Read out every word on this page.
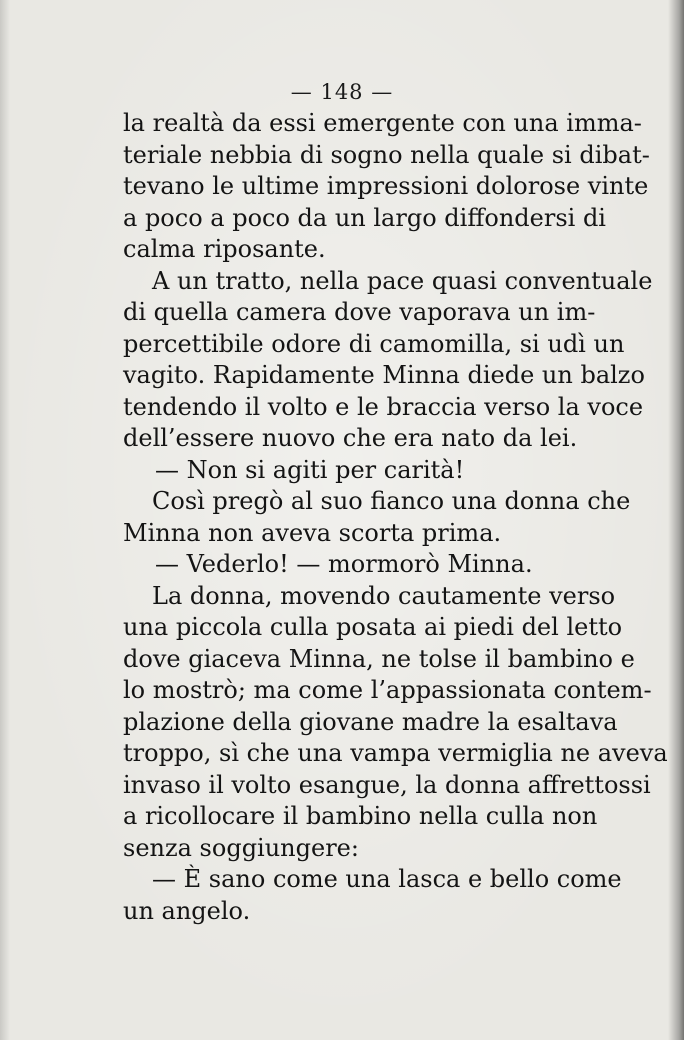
— 148 —
la realtà da essi emergente con una imma-
teriale nebbia di sogno nella quale si dibat-
tevano le ultime impressioni dolorose vinte
a poco a poco da un largo diffondersi di
calma riposante.
A un tratto, nella pace quasi conventuale
di quella camera dove vaporava un im-
percettibile odore di camomilla, si udì un
vagito. Rapidamente Minna diede un balzo
tendendo il volto e le braccia verso la voce
dell’essere nuovo che era nato da lei.
— Non si agiti per carità!
Così pregò al suo fianco una donna che
Minna non aveva scorta prima.
— Vederlo! — mormorò Minna.
La donna, movendo cautamente verso
una piccola culla posata ai piedi del letto
dove giaceva Minna, ne tolse il bambino e
lo mostrò; ma come l’appassionata contem-
plazione della giovane madre la esaltava
troppo, sì che una vampa vermiglia ne aveva
invaso il volto esangue, la donna affrettossi
a ricollocare il bambino nella culla non
senza soggiungere:
— È sano come una lasca e bello come
un angelo.
